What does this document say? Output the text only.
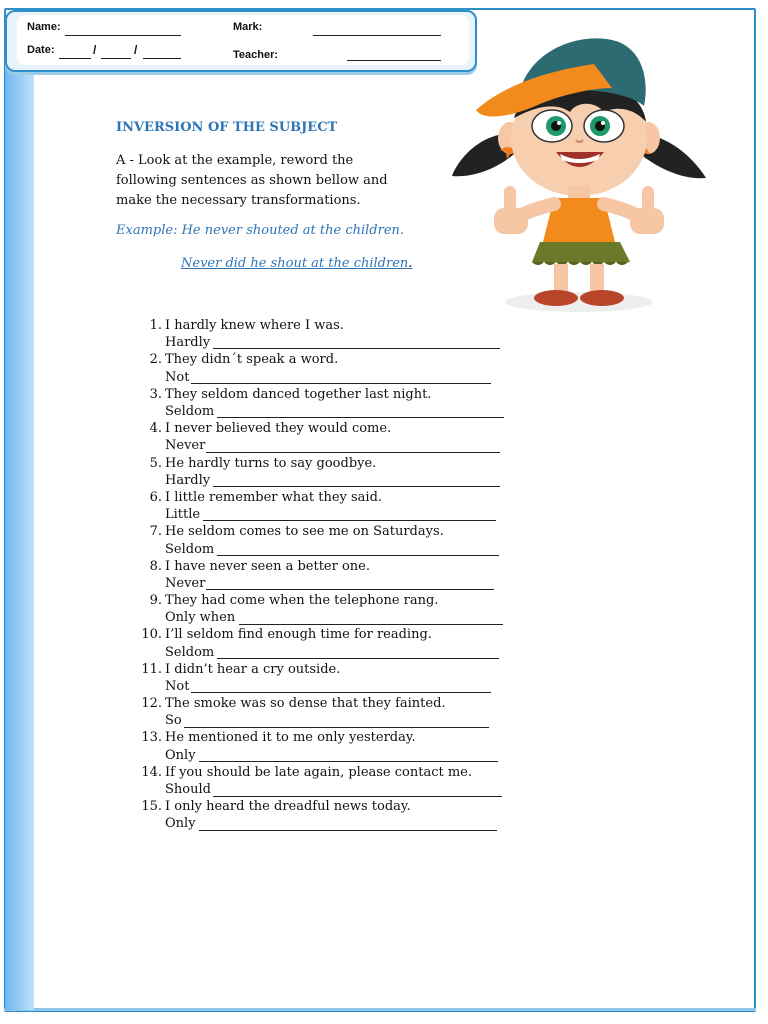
Name:
Date:	/	/
Mark:
Teacher:
INVERSION OF THE SUBJECT
A - Look at the example, reword the following sentences as shown bellow and make the necessary transformations.
Example: He never shouted at the children.
Never did he shout at the children.
1. I hardly knew where I was.
Hardly
2. They didn´t speak a word.
Not
3. They seldom danced together last night.
Seldom
4. I never believed they would come.
Never
5. He hardly turns to say goodbye.
Hardly
6. I little remember what they said.
Little
7. He seldom comes to see me on Saturdays.
Seldom
8. I have never seen a better one.
Never
9. They had come when the telephone rang.
Only when
10. I’ll seldom find enough time for reading.
Seldom
11. I didn’t hear a cry outside.
Not
12. The smoke was so dense that they fainted.
So
13. He mentioned it to me only yesterday.
Only
14. If you should be late again, please contact me.
Should
15. I only heard the dreadful news today.
Only
